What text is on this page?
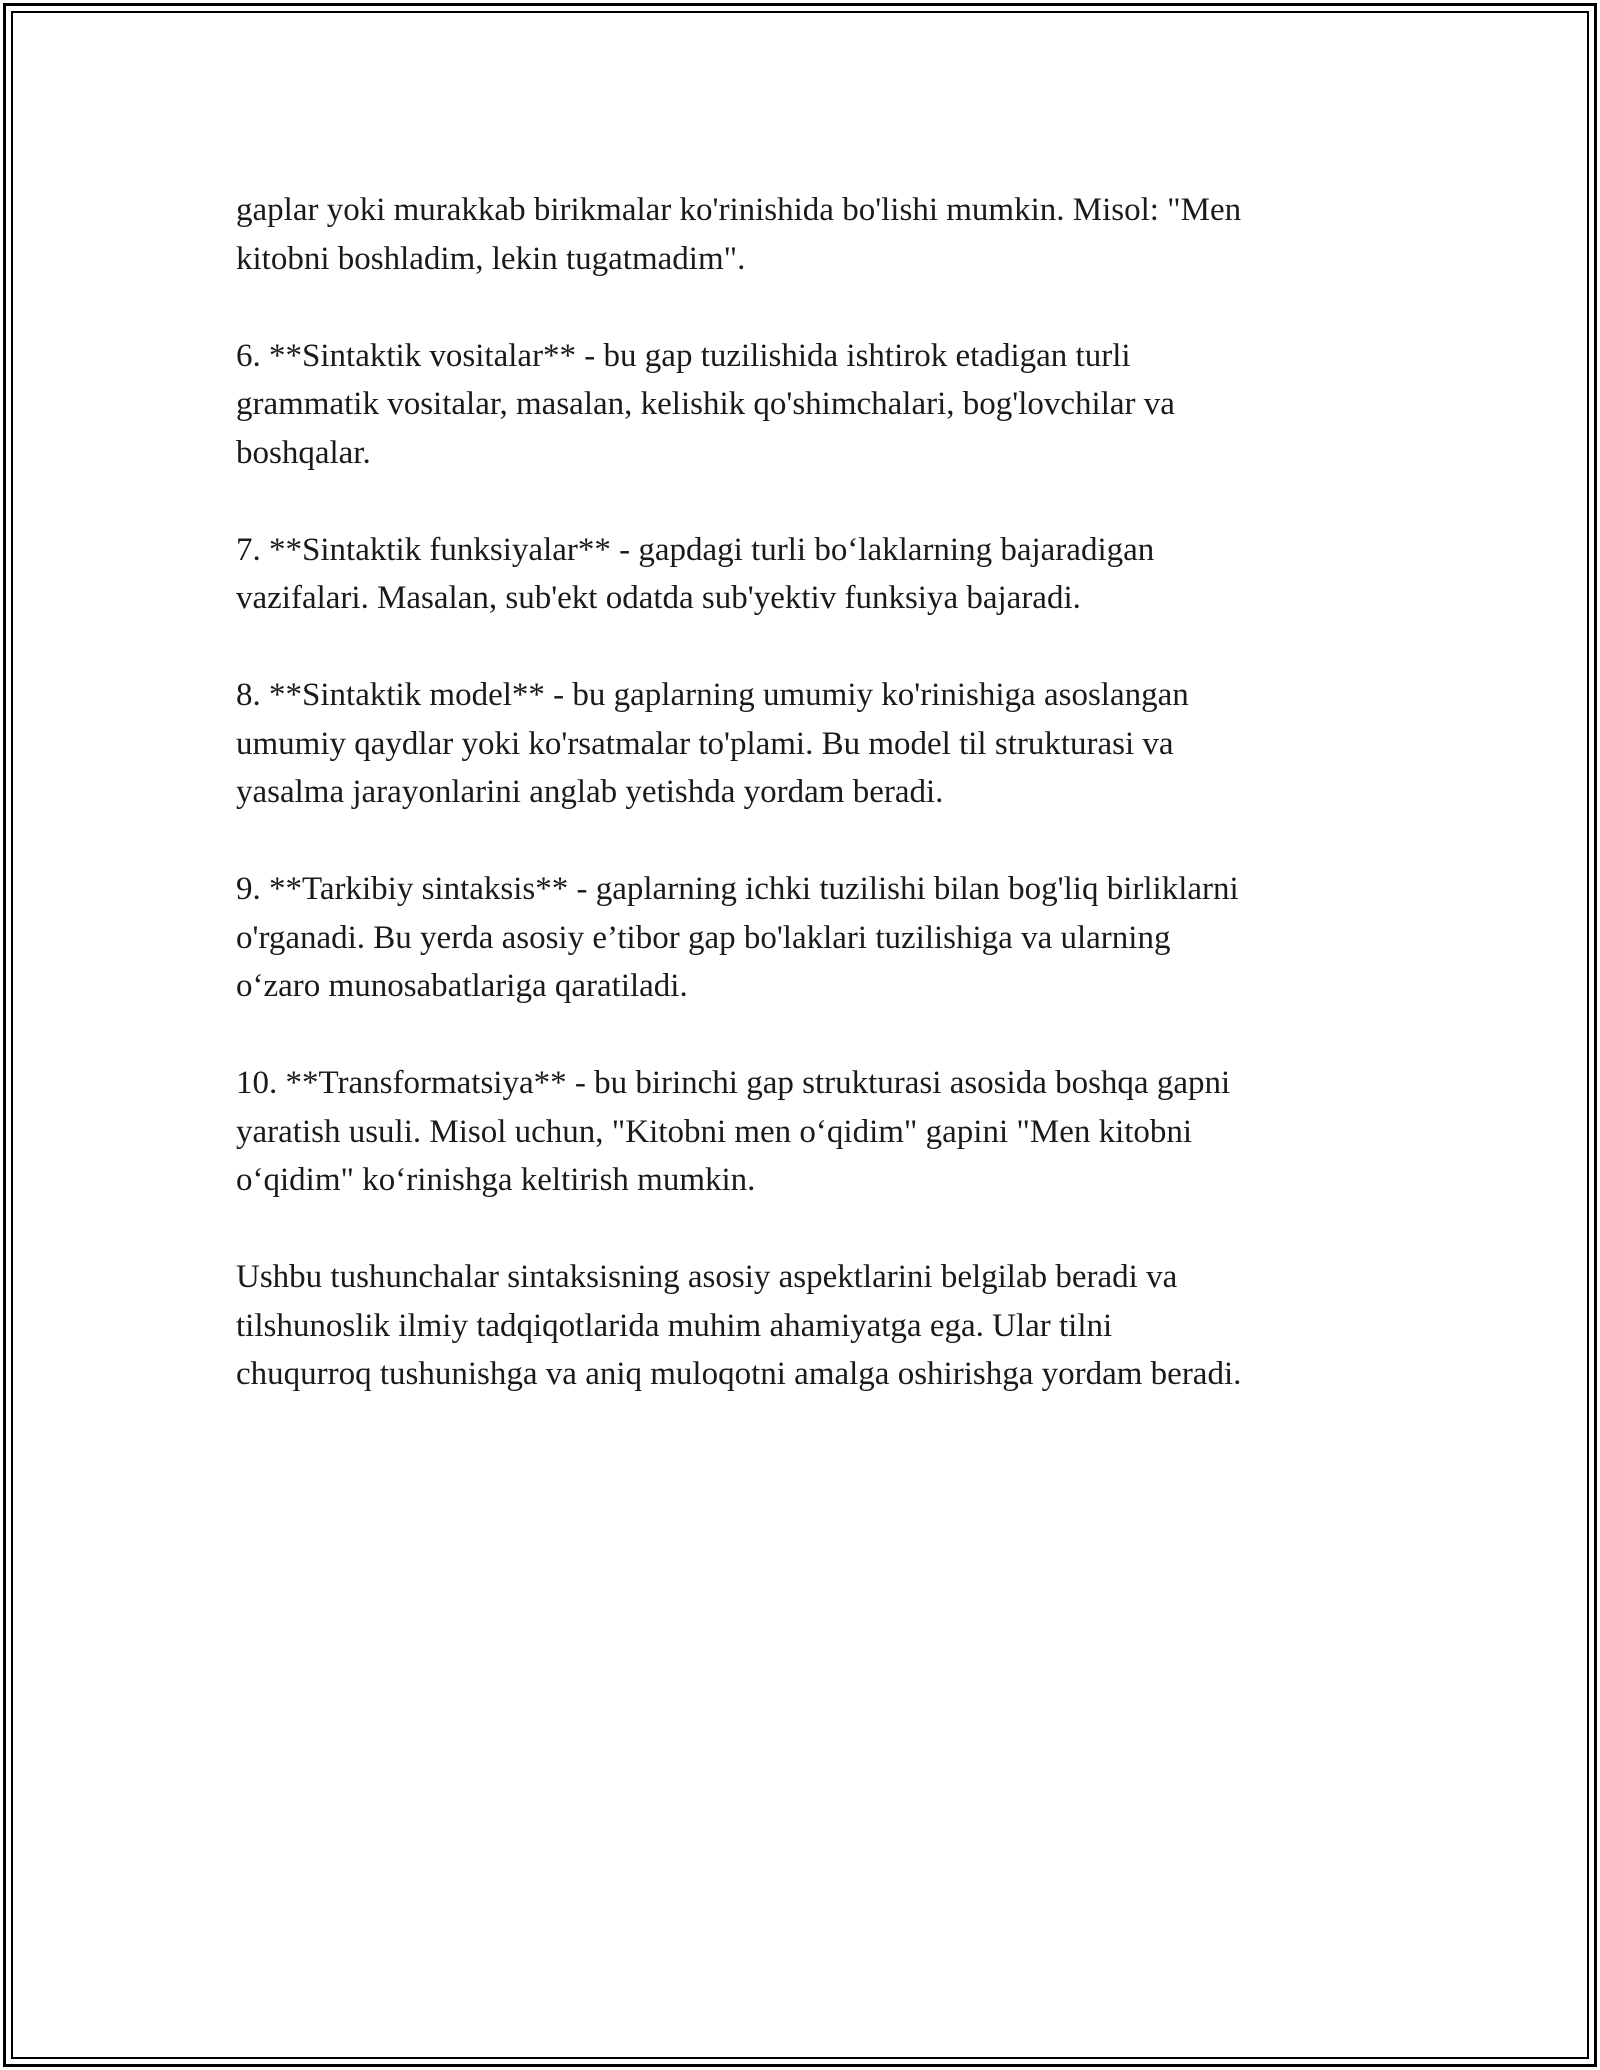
gaplar yoki murakkab birikmalar ko'rinishida bo'lishi mumkin. Misol: "Men
kitobni boshladim, lekin tugatmadim".

6. **Sintaktik vositalar** - bu gap tuzilishida ishtirok etadigan turli
grammatik vositalar, masalan, kelishik qo'shimchalari, bog'lovchilar va
boshqalar.

7. **Sintaktik funksiyalar** - gapdagi turli bo‘laklarning bajaradigan
vazifalari. Masalan, sub'ekt odatda sub'yektiv funksiya bajaradi.

8. **Sintaktik model** - bu gaplarning umumiy ko'rinishiga asoslangan
umumiy qaydlar yoki ko'rsatmalar to'plami. Bu model til strukturasi va
yasalma jarayonlarini anglab yetishda yordam beradi.

9. **Tarkibiy sintaksis** - gaplarning ichki tuzilishi bilan bog'liq birliklarni
o'rganadi. Bu yerda asosiy e’tibor gap bo'laklari tuzilishiga va ularning
o‘zaro munosabatlariga qaratiladi.

10. **Transformatsiya** - bu birinchi gap strukturasi asosida boshqa gapni
yaratish usuli. Misol uchun, "Kitobni men o‘qidim" gapini "Men kitobni
o‘qidim" ko‘rinishga keltirish mumkin.

Ushbu tushunchalar sintaksisning asosiy aspektlarini belgilab beradi va
tilshunoslik ilmiy tadqiqotlarida muhim ahamiyatga ega. Ular tilni
chuqurroq tushunishga va aniq muloqotni amalga oshirishga yordam beradi.
